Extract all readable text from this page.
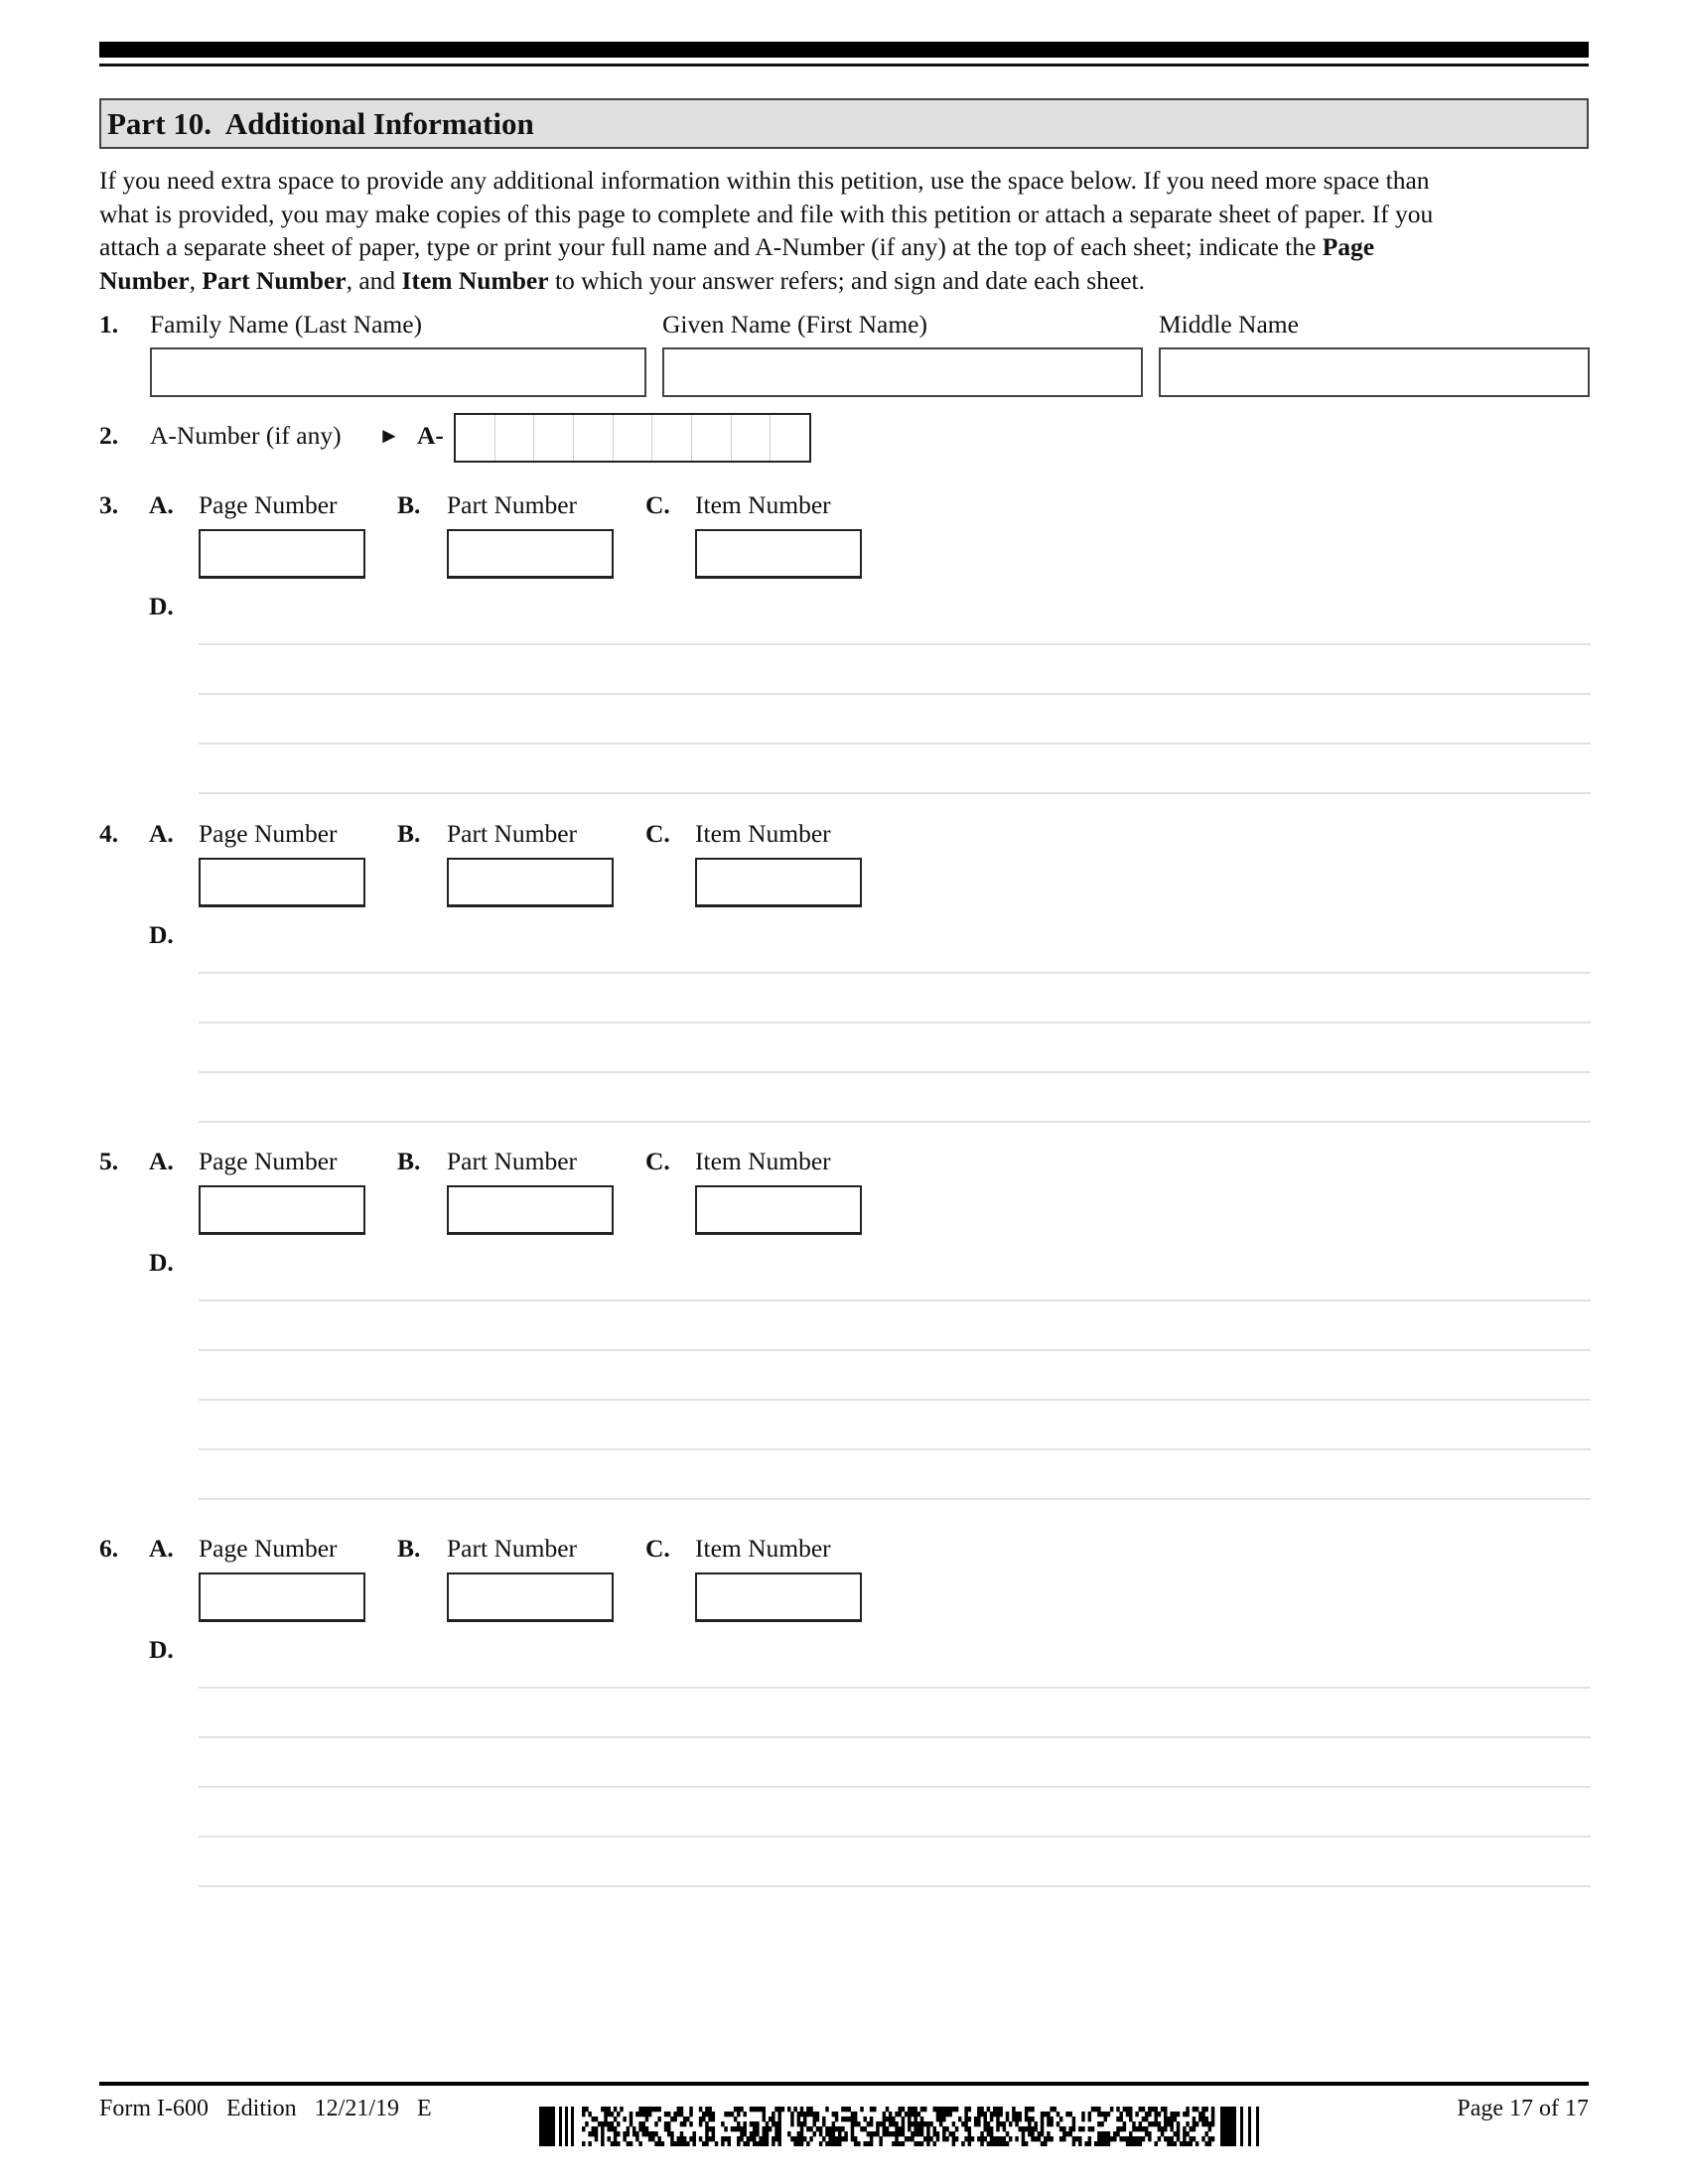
Part 10.  Additional Information
If you need extra space to provide any additional information within this petition, use the space below. If you need more space than
what is provided, you may make copies of this page to complete and file with this petition or attach a separate sheet of paper. If you
attach a separate sheet of paper, type or print your full name and A-Number (if any) at the top of each sheet; indicate the Page
Number, Part Number, and Item Number to which your answer refers; and sign and date each sheet.
1. Family Name (Last Name)	Given Name (First Name)	Middle Name
2. A-Number (if any) ► A-
3. A. Page Number B. Part Number	C. Item Number
D.
4. A. Page Number B. Part Number	C. Item Number
D.
5. A. Page Number B. Part Number	C. Item Number
D.
6. A. Page Number B. Part Number	C. Item Number
D.
Form I-600   Edition   12/21/19   E	Page 17 of 17
